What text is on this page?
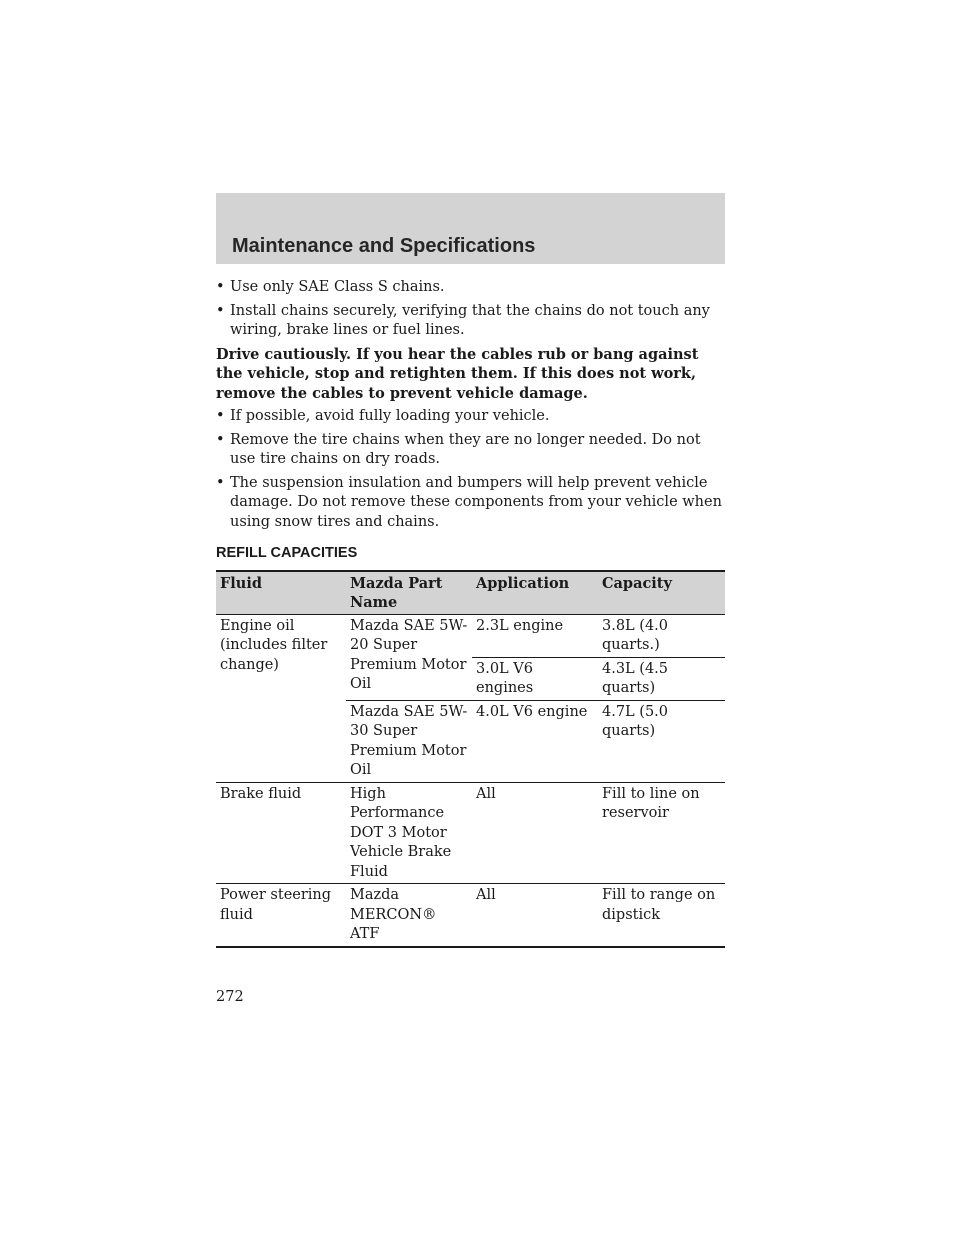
Maintenance and Specifications
• Use only SAE Class S chains.
• Install chains securely, verifying that the chains do not touch any wiring, brake lines or fuel lines.

Drive cautiously. If you hear the cables rub or bang against the vehicle, stop and retighten them. If this does not work, remove the cables to prevent vehicle damage.

• If possible, avoid fully loading your vehicle.
• Remove the tire chains when they are no longer needed. Do not use tire chains on dry roads.
• The suspension insulation and bumpers will help prevent vehicle damage. Do not remove these components from your vehicle when using snow tires and chains.
REFILL CAPACITIES
Fluid	Mazda Part Name	Application	Capacity
Engine oil (includes filter change)	Mazda SAE 5W-20 Super Premium Motor Oil	2.3L engine	3.8L (4.0 quarts.)
		3.0L V6 engines	4.3L (4.5 quarts)
	Mazda SAE 5W-30 Super Premium Motor Oil	4.0L V6 engine	4.7L (5.0 quarts)
Brake fluid	High Performance DOT 3 Motor Vehicle Brake Fluid	All	Fill to line on reservoir
Power steering fluid	Mazda MERCON® ATF	All	Fill to range on dipstick
272
